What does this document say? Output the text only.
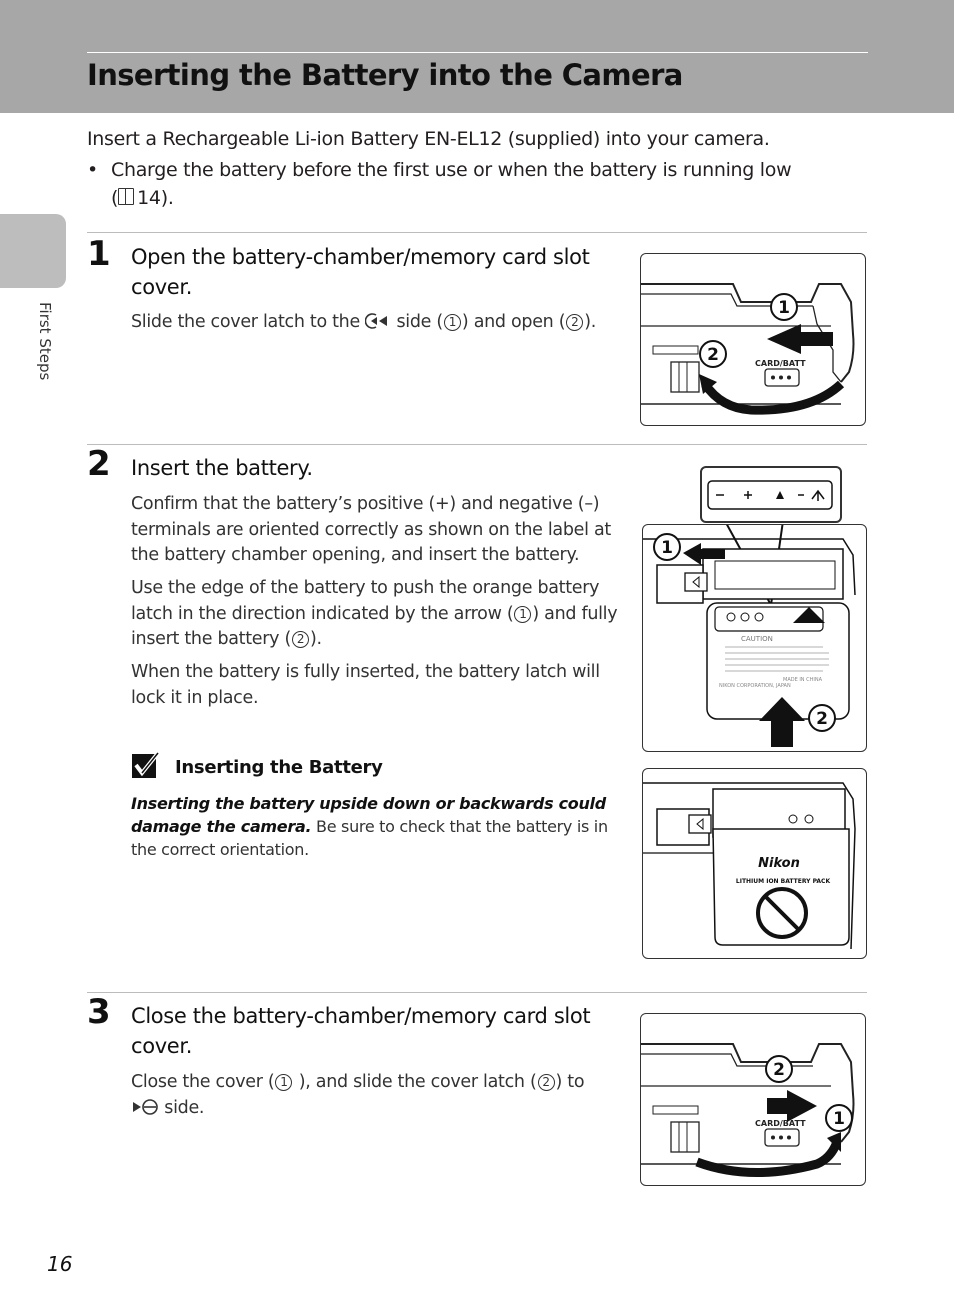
Inserting the Battery into the Camera
First Steps

Insert a Rechargeable Li-ion Battery EN-EL12 (supplied) into your camera.

• Charge the battery before the first use or when the battery is running low
( 14).
1 Open the battery-chamber/memory card slot cover.

Slide the cover latch to the  side ( 1 ) and open ( 2 ).

CARD/BATT
1
2
2 Insert the battery.

Confirm that the battery’s positive (+) and negative (–) terminals are oriented correctly as shown on the label at the battery chamber opening, and insert the battery.

Use the edge of the battery to push the orange battery latch in the direction indicated by the arrow ( 1 ) and fully insert the battery ( 2 ).

When the battery is fully inserted, the battery latch will lock it in place.

CAUTION
MADE IN CHINA
NIKON CORPORATION, JAPAN
1
2
Inserting the Battery

Inserting the battery upside down or backwards could damage the camera. Be sure to check that the battery is in the correct orientation.

Nikon
LITHIUM ION BATTERY PACK
3 Close the battery-chamber/memory card slot cover.

Close the cover ( 1 ), and slide the cover latch ( 2 ) to
side.

CARD/BATT
2
1
16
